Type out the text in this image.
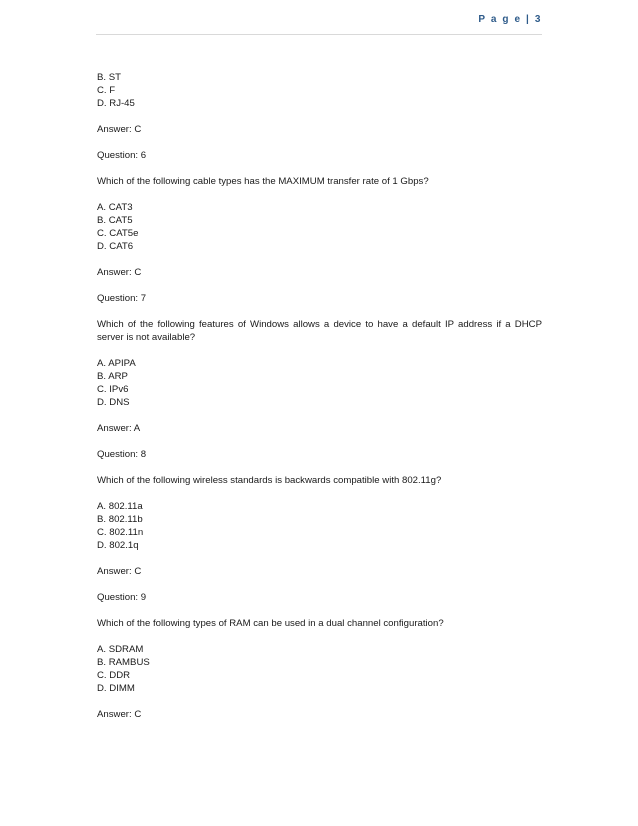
P a g e | 3
B. ST
C. F
D. RJ-45
Answer: C
Question: 6
Which of the following cable types has the MAXIMUM transfer rate of 1 Gbps?
A. CAT3
B. CAT5
C. CAT5e
D. CAT6
Answer: C
Question: 7
Which of the following features of Windows allows a device to have a default IP address if a DHCP server is not available?
A. APIPA
B. ARP
C. IPv6
D. DNS
Answer: A
Question: 8
Which of the following wireless standards is backwards compatible with 802.11g?
A. 802.11a
B. 802.11b
C. 802.11n
D. 802.1q
Answer: C
Question: 9
Which of the following types of RAM can be used in a dual channel configuration?
A. SDRAM
B. RAMBUS
C. DDR
D. DIMM
Answer: C
